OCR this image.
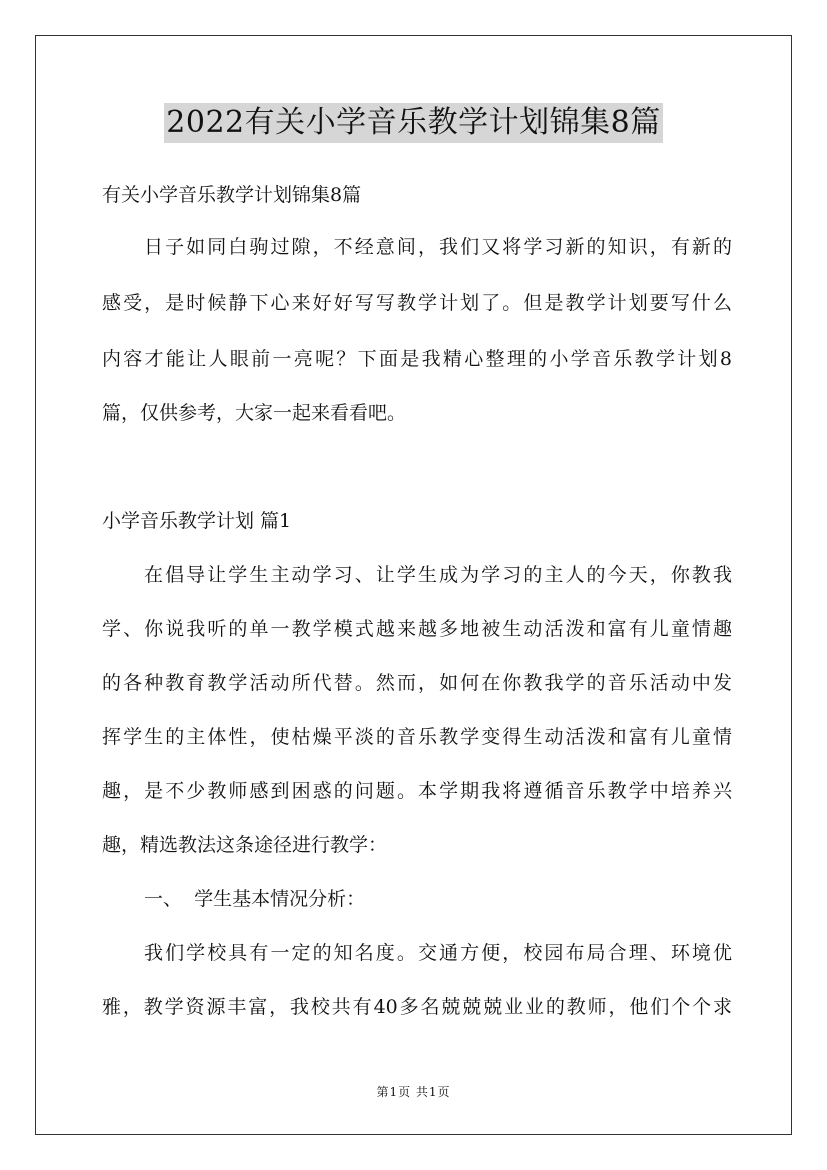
2022有关小学音乐教学计划锦集8篇
有关小学音乐教学计划锦集8篇
日子如同白驹过隙，不经意间，我们又将学习新的知识，有新的
感受，是时候静下心来好好写写教学计划了。但是教学计划要写什么
内容才能让人眼前一亮呢？下面是我精心整理的小学音乐教学计划8
篇，仅供参考，大家一起来看看吧。
小学音乐教学计划 篇1
在倡导让学生主动学习、让学生成为学习的主人的今天，你教我
学、你说我听的单一教学模式越来越多地被生动活泼和富有儿童情趣
的各种教育教学活动所代替。然而，如何在你教我学的音乐活动中发
挥学生的主体性，使枯燥平淡的音乐教学变得生动活泼和富有儿童情
趣，是不少教师感到困惑的问题。本学期我将遵循音乐教学中培养兴
趣，精选教法这条途径进行教学：
一、  学生基本情况分析：
我们学校具有一定的知名度。交通方便，校园布局合理、环境优
雅，教学资源丰富，我校共有40多名兢兢兢业业的教师，他们个个求
第1页 共1页
